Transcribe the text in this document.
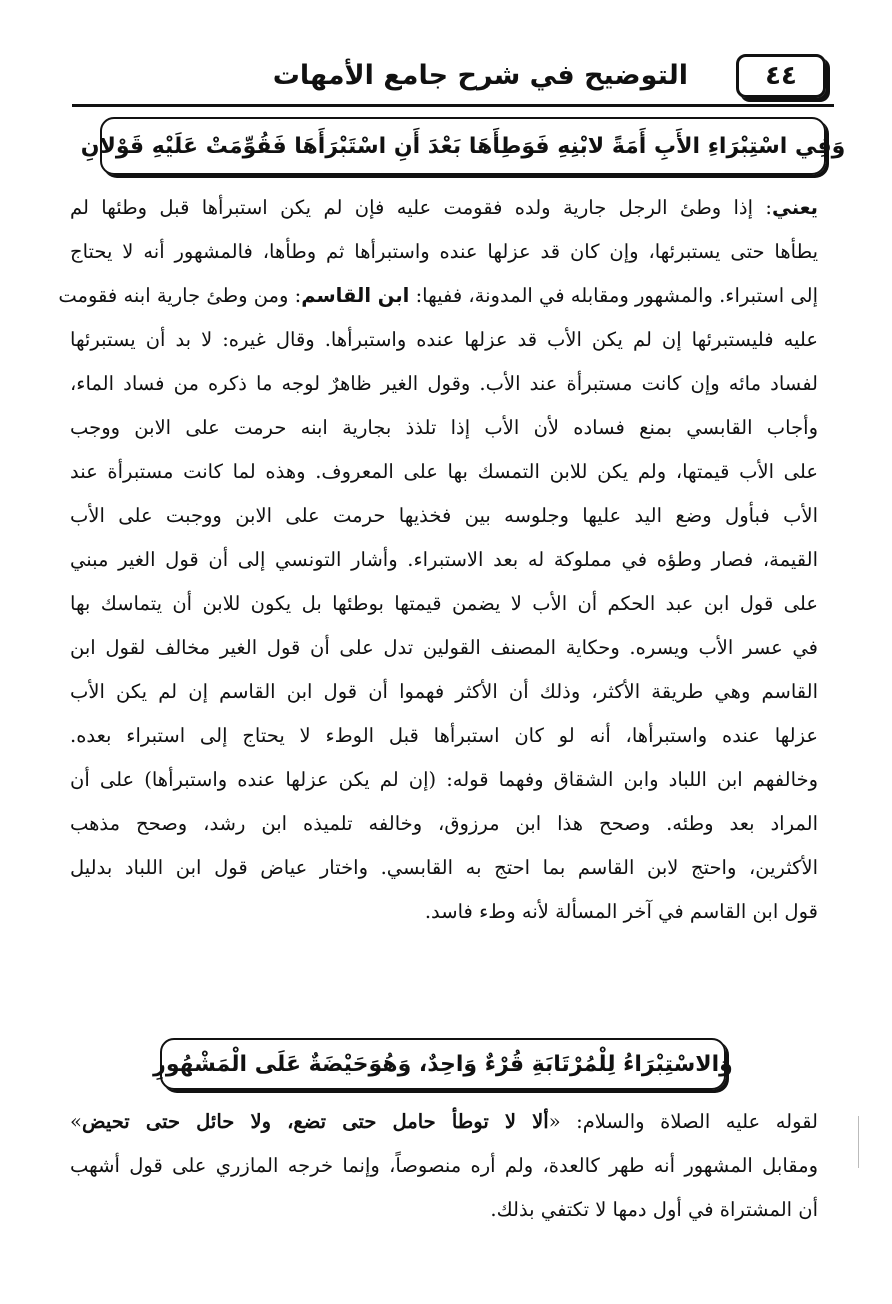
٤٤
التوضيح في شرح جامع الأمهات
وَفِي اسْتِبْرَاءِ الأَبِ أَمَةً لابْنِهِ فَوَطِأَهَا بَعْدَ أَنِ اسْتَبْرَأَهَا فَقُوِّمَتْ عَلَيْهِ قَوْلانِ
يعني: إذا وطئ الرجل جارية ولده فقومت عليه فإن لم يكن استبرأها قبل وطئها لم
يطأها حتى يستبرئها، وإن كان قد عزلها عنده واستبرأها ثم وطأها، فالمشهور أنه لا يحتاج
إلى استبراء. والمشهور ومقابله في المدونة، ففيها: ابن القاسم: ومن وطئ جارية ابنه فقومت
عليه فليستبرئها إن لم يكن الأب قد عزلها عنده واستبرأها. وقال غيره: لا بد أن يستبرئها
لفساد مائه وإن كانت مستبرأة عند الأب. وقول الغير ظاهرٌ لوجه ما ذكره من فساد الماء،
وأجاب القابسي بمنع فساده لأن الأب إذا تلذذ بجارية ابنه حرمت على الابن ووجب
على الأب قيمتها، ولم يكن للابن التمسك بها على المعروف. وهذه لما كانت مستبرأة عند
الأب فبأول وضع اليد عليها وجلوسه بين فخذيها حرمت على الابن ووجبت على الأب
القيمة، فصار وطؤه في مملوكة له بعد الاستبراء. وأشار التونسي إلى أن قول الغير مبني
على قول ابن عبد الحكم أن الأب لا يضمن قيمتها بوطئها بل يكون للابن أن يتماسك بها
في عسر الأب ويسره. وحكاية المصنف القولين تدل على أن قول الغير مخالف لقول ابن
القاسم وهي طريقة الأكثر، وذلك أن الأكثر فهموا أن قول ابن القاسم إن لم يكن الأب
عزلها عنده واستبرأها، أنه لو كان استبرأها قبل الوطء لا يحتاج إلى استبراء بعده.
وخالفهم ابن اللباد وابن الشقاق وفهما قوله: (إن لم يكن عزلها عنده واستبرأها) على أن
المراد بعد وطئه. وصحح هذا ابن مرزوق، وخالفه تلميذه ابن رشد، وصحح مذهب
الأكثرين، واحتج لابن القاسم بما احتج به القابسي. واختار عياض قول ابن اللباد بدليل
قول ابن القاسم في آخر المسألة لأنه وطء فاسد.
وَالاسْتِبْرَاءُ لِلْمُرْتَابَةِ قُرْءٌ وَاحِدٌ، وَهُوَحَيْضَةٌ عَلَى الْمَشْهُورِ
لقوله عليه الصلاة والسلام: «ألا لا توطأ حامل حتى تضع، ولا حائل حتى تحيض»
ومقابل المشهور أنه طهر كالعدة، ولم أره منصوصاً، وإنما خرجه المازري على قول أشهب
أن المشتراة في أول دمها لا تكتفي بذلك.
